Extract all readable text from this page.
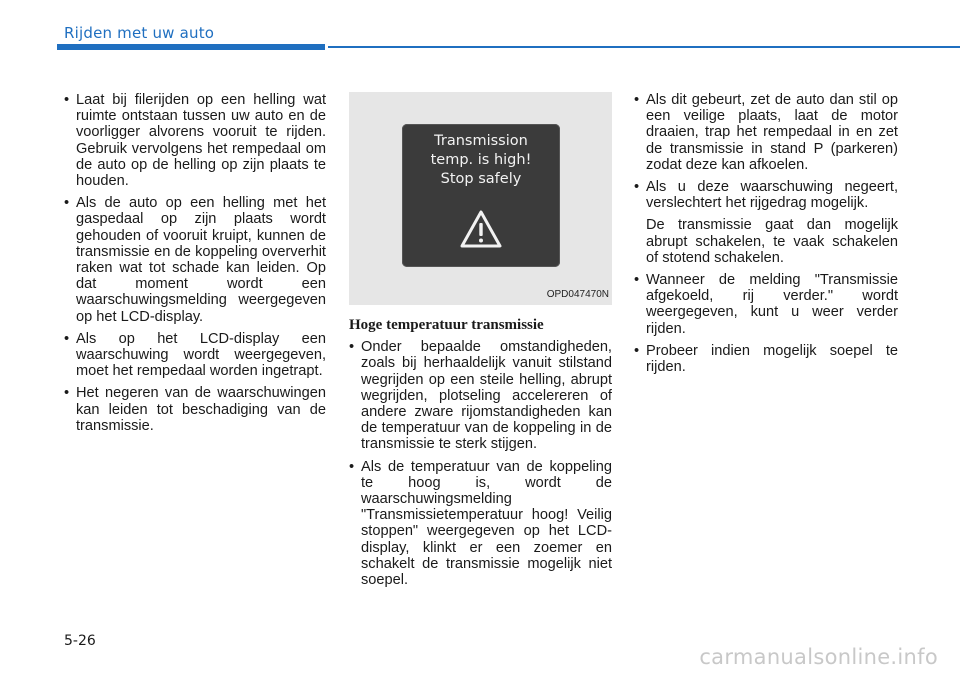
Rijden met uw auto
• Laat bij filerijden op een helling wat ruimte ontstaan tussen uw auto en de voorligger alvorens vooruit te rijden. Gebruik vervolgens het rempedaal om de auto op de helling op zijn plaats te houden.
• Als de auto op een helling met het gaspedaal op zijn plaats wordt gehouden of vooruit kruipt, kunnen de transmissie en de koppeling oververhit raken wat tot schade kan leiden. Op dat moment wordt een waarschuwingsmelding weergegeven op het LCD-display.
• Als op het LCD-display een waarschuwing wordt weergegeven, moet het rempedaal worden ingetrapt.
• Het negeren van de waarschuwingen kan leiden tot beschadiging van de transmissie.
Transmission
temp. is high!
Stop safely
OPD047470N
Hoge temperatuur transmissie
• Onder bepaalde omstandigheden, zoals bij herhaaldelijk vanuit stilstand wegrijden op een steile helling, abrupt wegrijden, plotseling accelereren of andere zware rijomstandigheden kan de temperatuur van de koppeling in de transmissie te sterk stijgen.
• Als de temperatuur van de koppeling te hoog is, wordt de waarschuwingsmelding "Transmissietemperatuur hoog! Veilig stoppen" weergegeven op het LCD-display, klinkt er een zoemer en schakelt de transmissie mogelijk niet soepel.
• Als dit gebeurt, zet de auto dan stil op een veilige plaats, laat de motor draaien, trap het rempedaal in en zet de transmissie in stand P (parkeren) zodat deze kan afkoelen.
• Als u deze waarschuwing negeert, verslechtert het rijgedrag mogelijk.

De transmissie gaat dan mogelijk abrupt schakelen, te vaak schakelen of stotend schakelen.

• Wanneer de melding "Transmissie afgekoeld, rij verder." wordt weergegeven, kunt u weer verder rijden.
• Probeer indien mogelijk soepel te rijden.
5-26
carmanualsonline.info
